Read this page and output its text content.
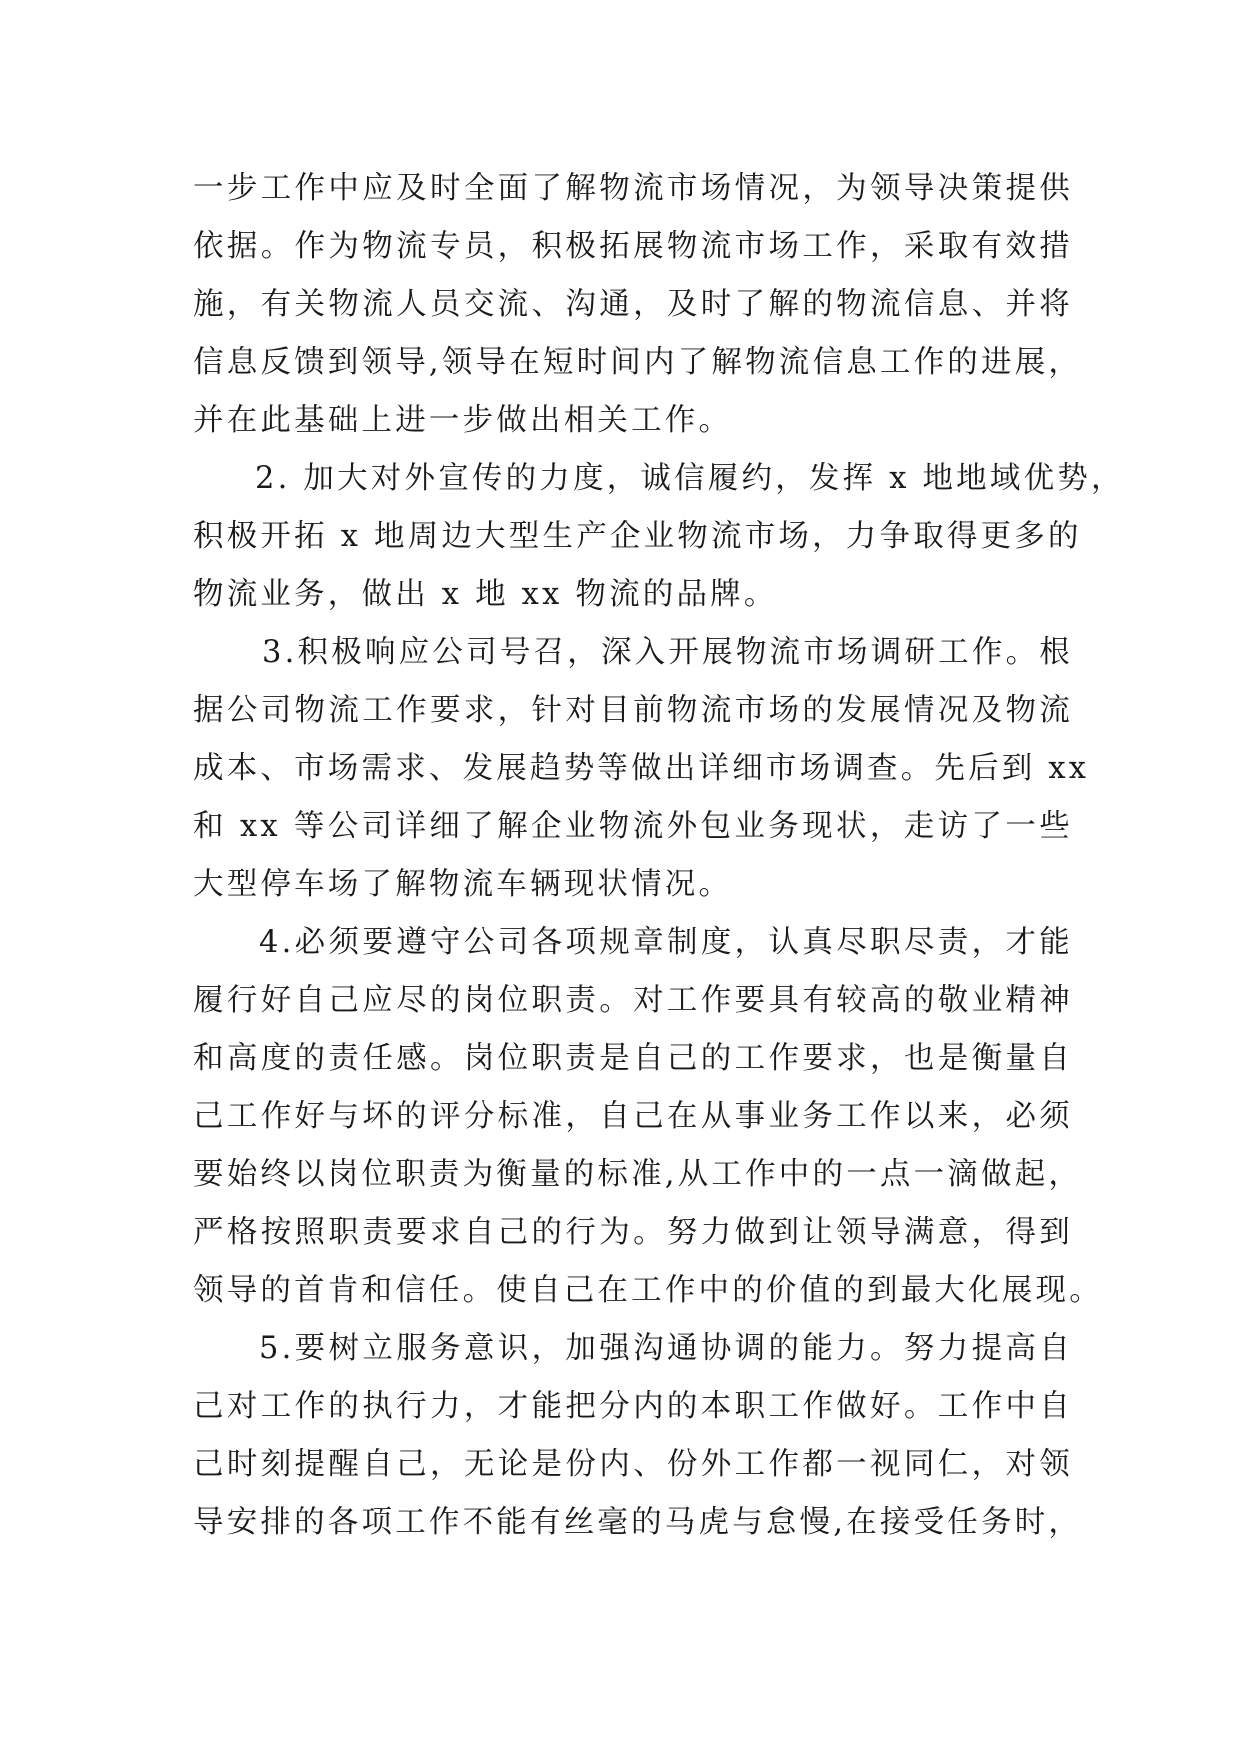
一步工作中应及时全面了解物流市场情况，为领导决策提供
依据。作为物流专员，积极拓展物流市场工作，采取有效措
施，有关物流人员交流、沟通，及时了解的物流信息、并将
信息反馈到领导,领导在短时间内了解物流信息工作的进展，
并在此基础上进一步做出相关工作。
2. 加大对外宣传的力度，诚信履约，发挥 x 地地域优势，
积极开拓 x 地周边大型生产企业物流市场，力争取得更多的
物流业务，做出 x 地 xx 物流的品牌。
3.积极响应公司号召，深入开展物流市场调研工作。根
据公司物流工作要求，针对目前物流市场的发展情况及物流
成本、市场需求、发展趋势等做出详细市场调查。先后到 xx
和 xx 等公司详细了解企业物流外包业务现状，走访了一些
大型停车场了解物流车辆现状情况。
4.必须要遵守公司各项规章制度，认真尽职尽责，才能
履行好自己应尽的岗位职责。对工作要具有较高的敬业精神
和高度的责任感。岗位职责是自己的工作要求，也是衡量自
己工作好与坏的评分标准，自己在从事业务工作以来，必须
要始终以岗位职责为衡量的标准,从工作中的一点一滴做起，
严格按照职责要求自己的行为。努力做到让领导满意，得到
领导的首肯和信任。使自己在工作中的价值的到最大化展现。
5.要树立服务意识，加强沟通协调的能力。努力提高自
己对工作的执行力，才能把分内的本职工作做好。工作中自
己时刻提醒自己，无论是份内、份外工作都一视同仁，对领
导安排的各项工作不能有丝毫的马虎与怠慢,在接受任务时，
